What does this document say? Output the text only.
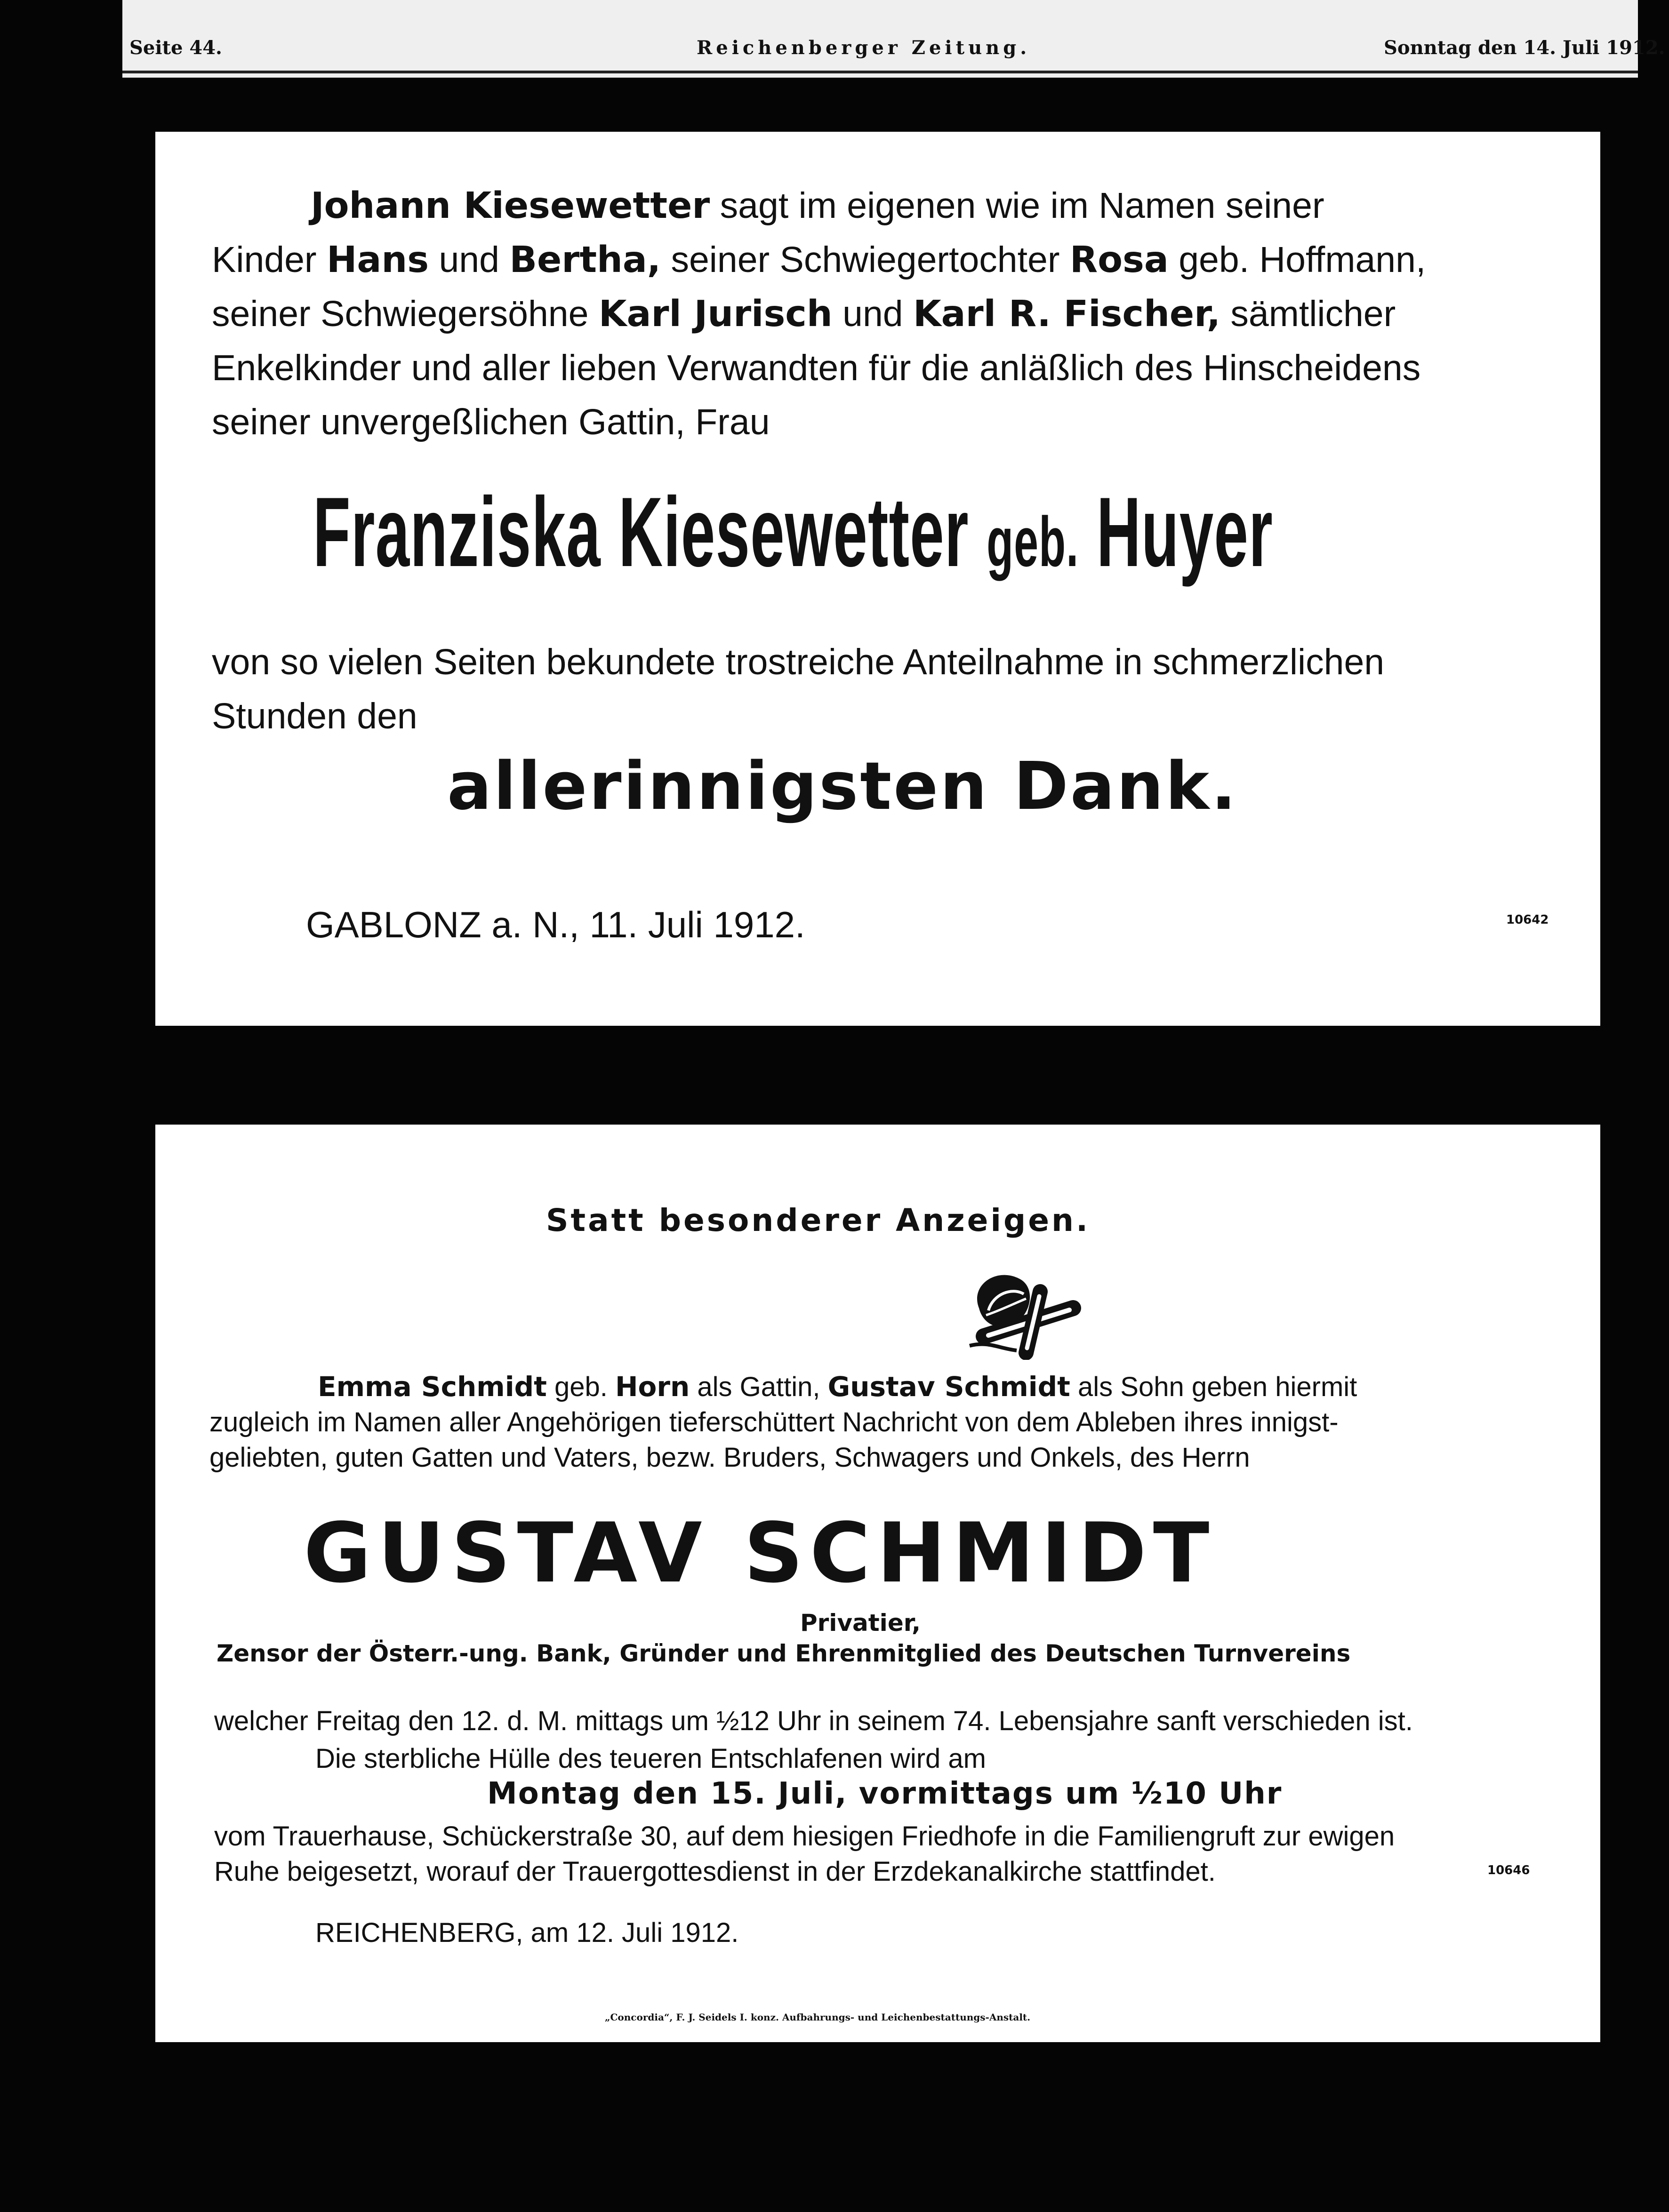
Seite 44.	Reichenberger Zeitung.	Sonntag den 14. Juli 1912.
Johann Kiesewetter sagt im eigenen wie im Namen seiner
Kinder Hans und Bertha, seiner Schwiegertochter Rosa geb. Hoffmann,
seiner Schwiegersöhne Karl Jurisch und Karl R. Fischer, sämtlicher
Enkelkinder und aller lieben Verwandten für die anläßlich des Hinscheidens
seiner unvergeßlichen Gattin, Frau
Franziska Kiesewetter geb. Huyer
von so vielen Seiten bekundete trostreiche Anteilnahme in schmerzlichen
Stunden den
allerinnigsten Dank.
GABLONZ a. N., 11. Juli 1912.	10642
Statt besonderer Anzeigen.
Emma Schmidt geb. Horn als Gattin, Gustav Schmidt als Sohn geben hiermit
zugleich im Namen aller Angehörigen tieferschüttert Nachricht von dem Ableben ihres innigst-
geliebten, guten Gatten und Vaters, bezw. Bruders, Schwagers und Onkels, des Herrn
GUSTAV SCHMIDT
Privatier,
Zensor der Österr.-ung. Bank, Gründer und Ehrenmitglied des Deutschen Turnvereins
welcher Freitag den 12. d. M. mittags um ½12 Uhr in seinem 74. Lebensjahre sanft verschieden ist.
Die sterbliche Hülle des teueren Entschlafenen wird am
Montag den 15. Juli, vormittags um ½10 Uhr
vom Trauerhause, Schückerstraße 30, auf dem hiesigen Friedhofe in die Familiengruft zur ewigen
Ruhe beigesetzt, worauf der Trauergottesdienst in der Erzdekanalkirche stattfindet.	10646
REICHENBERG, am 12. Juli 1912.
„Concordia“, F. J. Seidels I. konz. Aufbahrungs- und Leichenbestattungs-Anstalt.
